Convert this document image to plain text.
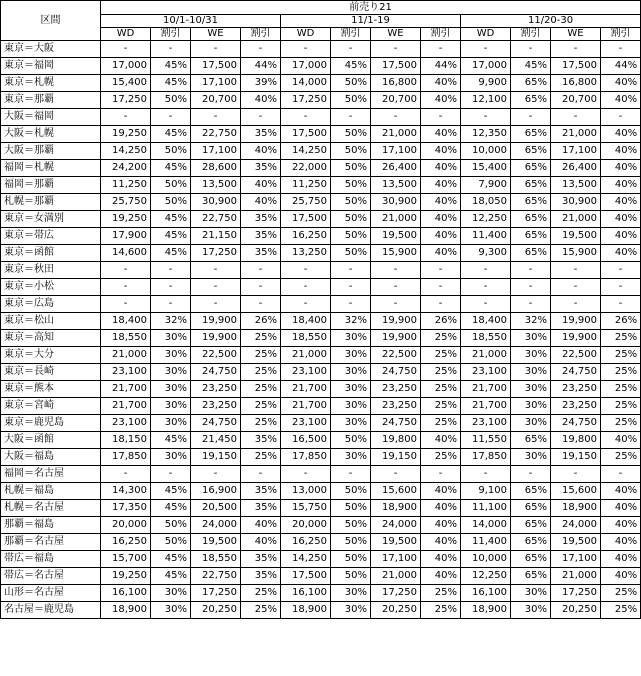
区間	前売り21											
	10/1-10/31				11/1-19				11/20-30			
	WD	割引	WE	割引	WD	割引	WE	割引	WD	割引	WE	割引
東京＝大阪	-	-	-	-	-	-	-	-	-	-	-	-
東京＝福岡	17,000	45%	17,500	44%	17,000	45%	17,500	44%	17,000	45%	17,500	44%
東京＝札幌	15,400	45%	17,100	39%	14,000	50%	16,800	40%	9,900	65%	16,800	40%
東京＝那覇	17,250	50%	20,700	40%	17,250	50%	20,700	40%	12,100	65%	20,700	40%
大阪＝福岡	-	-	-	-	-	-	-	-	-	-	-	-
大阪＝札幌	19,250	45%	22,750	35%	17,500	50%	21,000	40%	12,350	65%	21,000	40%
大阪＝那覇	14,250	50%	17,100	40%	14,250	50%	17,100	40%	10,000	65%	17,100	40%
福岡＝札幌	24,200	45%	28,600	35%	22,000	50%	26,400	40%	15,400	65%	26,400	40%
福岡＝那覇	11,250	50%	13,500	40%	11,250	50%	13,500	40%	7,900	65%	13,500	40%
札幌＝那覇	25,750	50%	30,900	40%	25,750	50%	30,900	40%	18,050	65%	30,900	40%
東京＝女満別	19,250	45%	22,750	35%	17,500	50%	21,000	40%	12,250	65%	21,000	40%
東京＝帯広	17,900	45%	21,150	35%	16,250	50%	19,500	40%	11,400	65%	19,500	40%
東京＝函館	14,600	45%	17,250	35%	13,250	50%	15,900	40%	9,300	65%	15,900	40%
東京＝秋田	-	-	-	-	-	-	-	-	-	-	-	-
東京＝小松	-	-	-	-	-	-	-	-	-	-	-	-
東京＝広島	-	-	-	-	-	-	-	-	-	-	-	-
東京＝松山	18,400	32%	19,900	26%	18,400	32%	19,900	26%	18,400	32%	19,900	26%
東京＝高知	18,550	30%	19,900	25%	18,550	30%	19,900	25%	18,550	30%	19,900	25%
東京＝大分	21,000	30%	22,500	25%	21,000	30%	22,500	25%	21,000	30%	22,500	25%
東京＝長崎	23,100	30%	24,750	25%	23,100	30%	24,750	25%	23,100	30%	24,750	25%
東京＝熊本	21,700	30%	23,250	25%	21,700	30%	23,250	25%	21,700	30%	23,250	25%
東京＝宮崎	21,700	30%	23,250	25%	21,700	30%	23,250	25%	21,700	30%	23,250	25%
東京＝鹿児島	23,100	30%	24,750	25%	23,100	30%	24,750	25%	23,100	30%	24,750	25%
大阪＝函館	18,150	45%	21,450	35%	16,500	50%	19,800	40%	11,550	65%	19,800	40%
大阪＝福島	17,850	30%	19,150	25%	17,850	30%	19,150	25%	17,850	30%	19,150	25%
福岡＝名古屋	-	-	-	-	-	-	-	-	-	-	-	-
札幌＝福島	14,300	45%	16,900	35%	13,000	50%	15,600	40%	9,100	65%	15,600	40%
札幌＝名古屋	17,350	45%	20,500	35%	15,750	50%	18,900	40%	11,100	65%	18,900	40%
那覇＝福島	20,000	50%	24,000	40%	20,000	50%	24,000	40%	14,000	65%	24,000	40%
那覇＝名古屋	16,250	50%	19,500	40%	16,250	50%	19,500	40%	11,400	65%	19,500	40%
帯広＝福島	15,700	45%	18,550	35%	14,250	50%	17,100	40%	10,000	65%	17,100	40%
帯広＝名古屋	19,250	45%	22,750	35%	17,500	50%	21,000	40%	12,250	65%	21,000	40%
山形＝名古屋	16,100	30%	17,250	25%	16,100	30%	17,250	25%	16,100	30%	17,250	25%
名古屋＝鹿児島	18,900	30%	20,250	25%	18,900	30%	20,250	25%	18,900	30%	20,250	25%
